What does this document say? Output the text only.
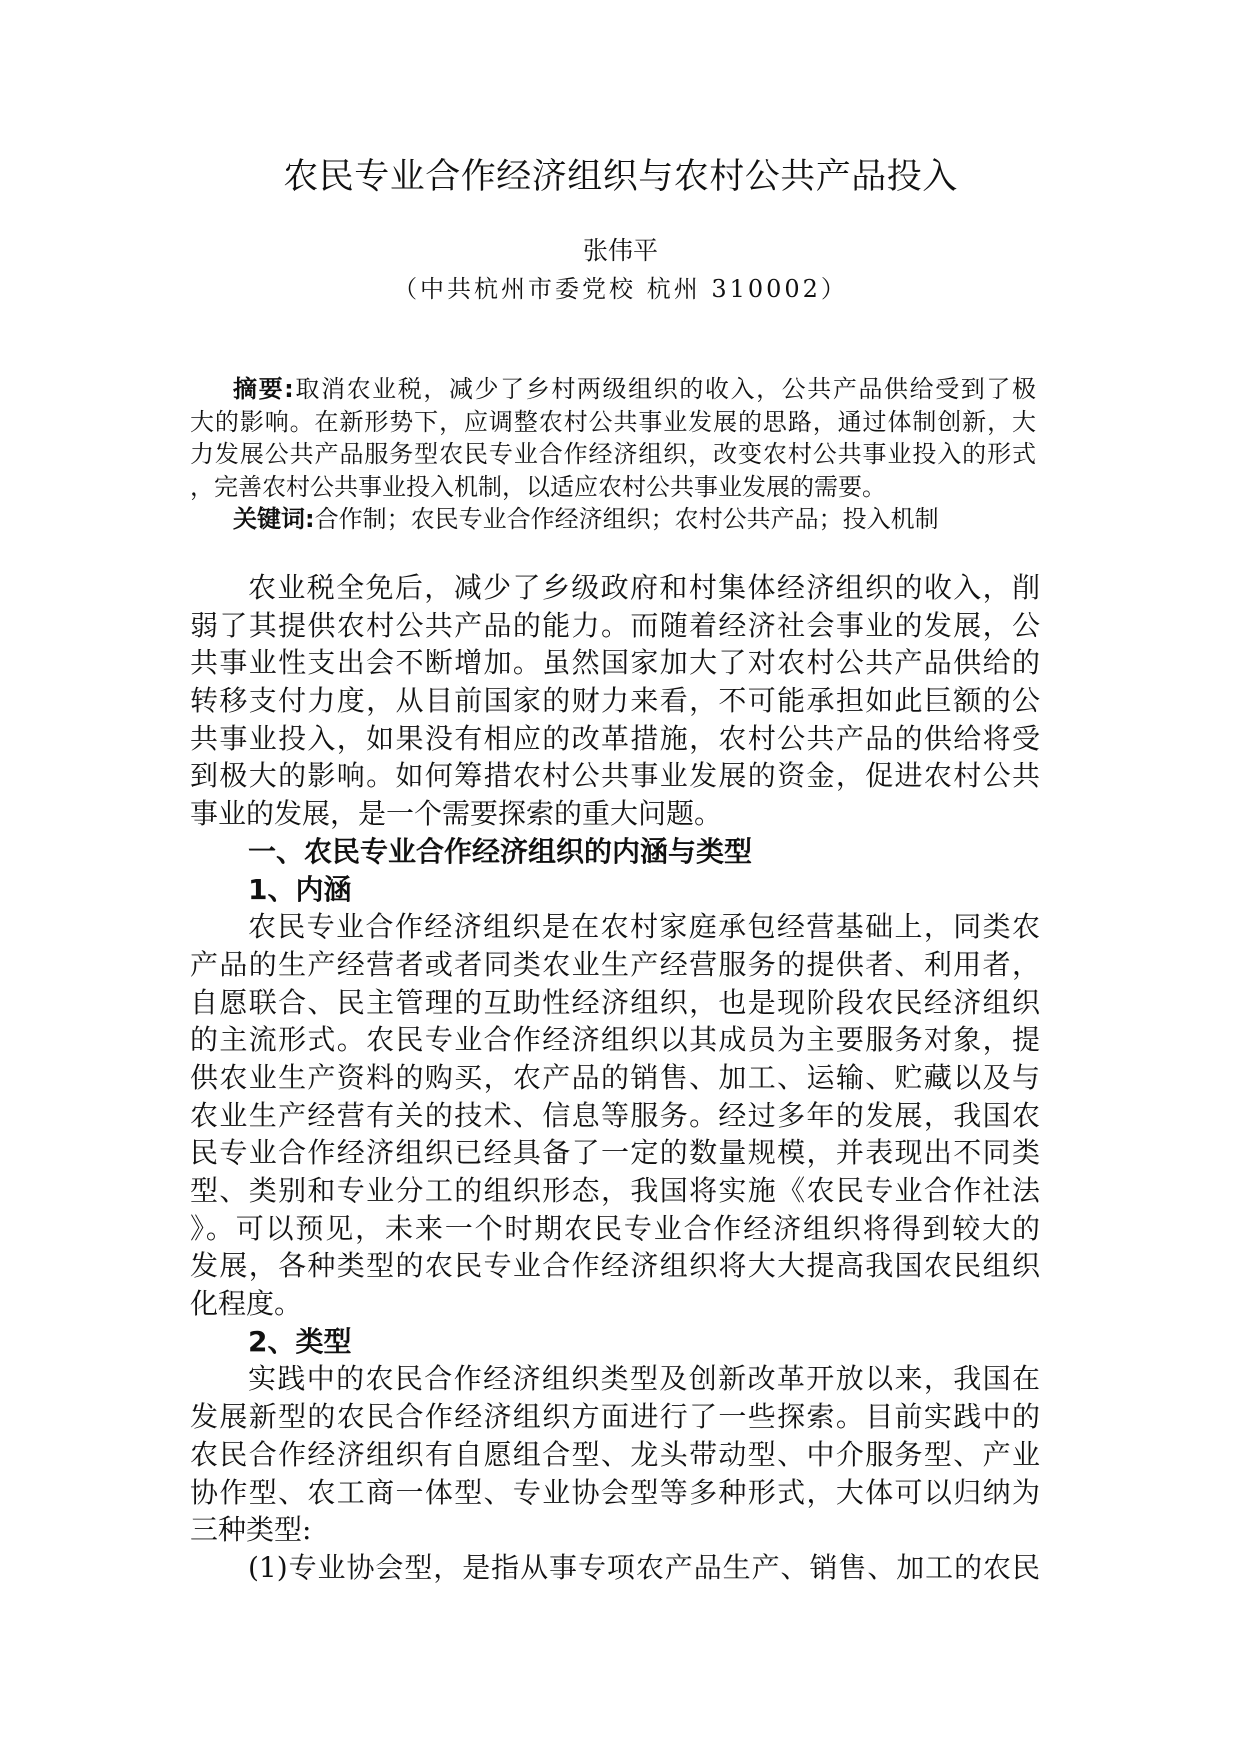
农民专业合作经济组织与农村公共产品投入
张伟平
（中共杭州市委党校 杭州 310002）
摘要:取消农业税，减少了乡村两级组织的收入，公共产品供给受到了极
大的影响。在新形势下，应调整农村公共事业发展的思路，通过体制创新，大
力发展公共产品服务型农民专业合作经济组织，改变农村公共事业投入的形式
，完善农村公共事业投入机制，以适应农村公共事业发展的需要。
关键词:合作制；农民专业合作经济组织；农村公共产品；投入机制
农业税全免后，减少了乡级政府和村集体经济组织的收入，削
弱了其提供农村公共产品的能力。而随着经济社会事业的发展，公
共事业性支出会不断增加。虽然国家加大了对农村公共产品供给的
转移支付力度，从目前国家的财力来看，不可能承担如此巨额的公
共事业投入，如果没有相应的改革措施，农村公共产品的供给将受
到极大的影响。如何筹措农村公共事业发展的资金，促进农村公共
事业的发展，是一个需要探索的重大问题。
一、农民专业合作经济组织的内涵与类型
1、内涵
农民专业合作经济组织是在农村家庭承包经营基础上，同类农
产品的生产经营者或者同类农业生产经营服务的提供者、利用者，
自愿联合、民主管理的互助性经济组织，也是现阶段农民经济组织
的主流形式。农民专业合作经济组织以其成员为主要服务对象，提
供农业生产资料的购买，农产品的销售、加工、运输、贮藏以及与
农业生产经营有关的技术、信息等服务。经过多年的发展，我国农
民专业合作经济组织已经具备了一定的数量规模，并表现出不同类
型、类别和专业分工的组织形态，我国将实施《农民专业合作社法
》。可以预见，未来一个时期农民专业合作经济组织将得到较大的
发展，各种类型的农民专业合作经济组织将大大提高我国农民组织
化程度。
2、类型
实践中的农民合作经济组织类型及创新改革开放以来，我国在
发展新型的农民合作经济组织方面进行了一些探索。目前实践中的
农民合作经济组织有自愿组合型、龙头带动型、中介服务型、产业
协作型、农工商一体型、专业协会型等多种形式，大体可以归纳为
三种类型:
(1)专业协会型，是指从事专项农产品生产、销售、加工的农民
